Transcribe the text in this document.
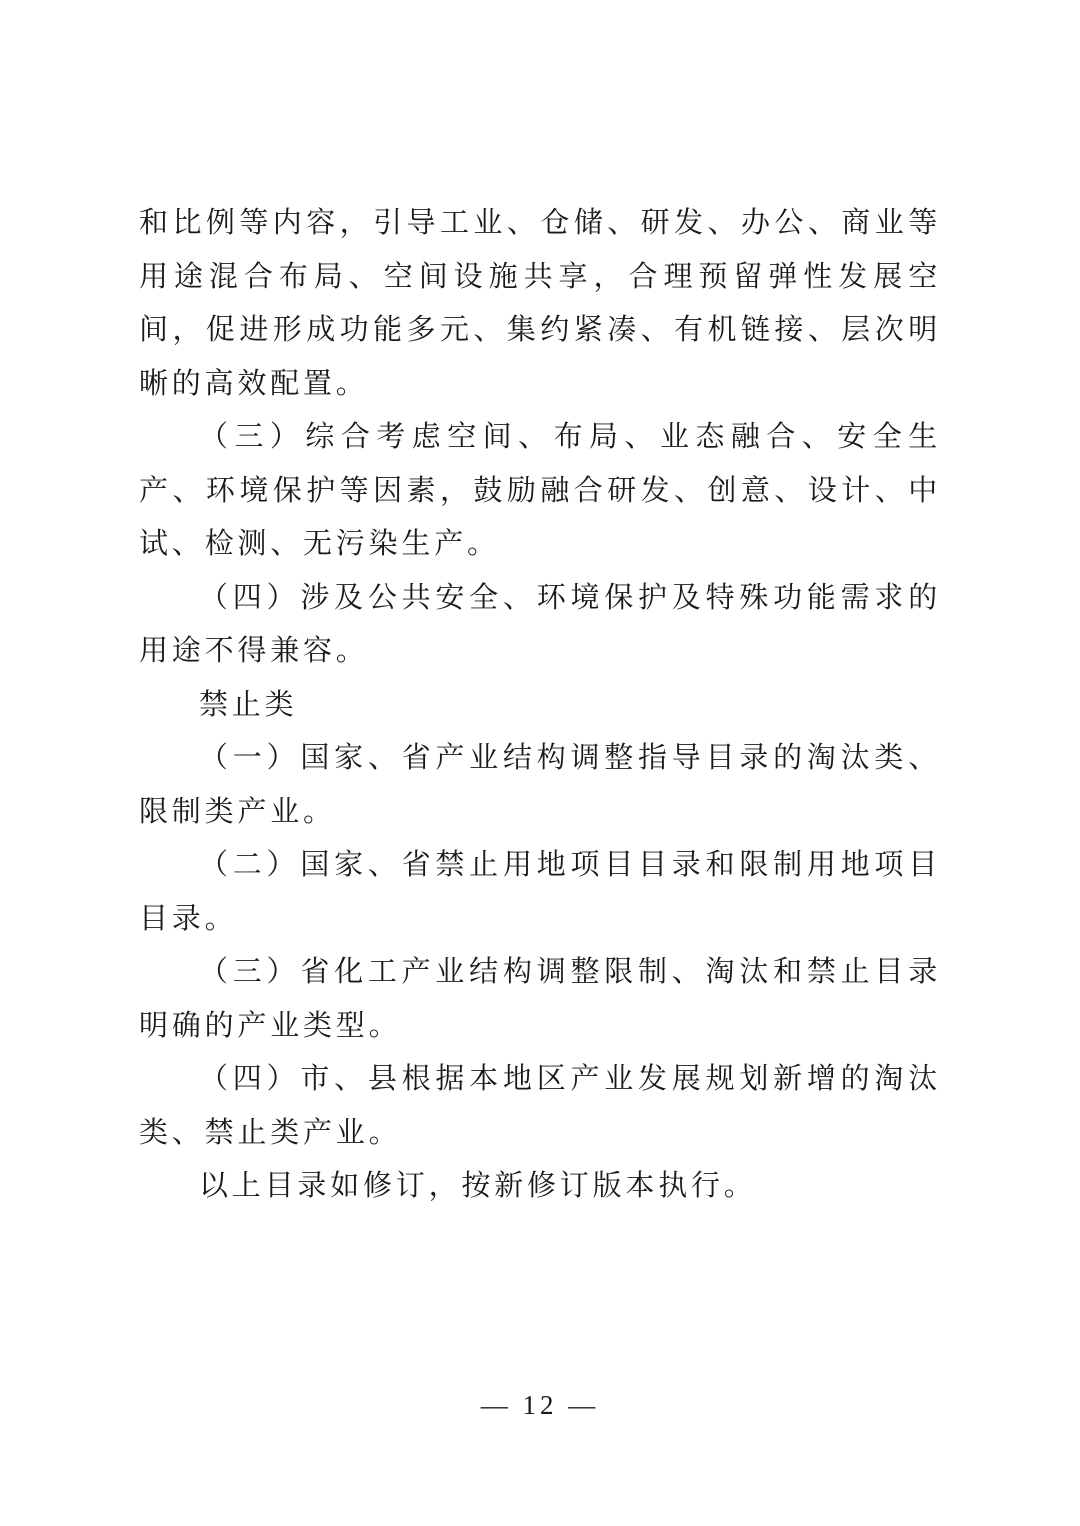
和比例等内容，引导工业、仓储、研发、办公、商业等用途混合布局、空间设施共享，合理预留弹性发展空间，促进形成功能多元、集约紧凑、有机链接、层次明晰的高效配置。

（三）综合考虑空间、布局、业态融合、安全生产、环境保护等因素，鼓励融合研发、创意、设计、中试、检测、无污染生产。

（四）涉及公共安全、环境保护及特殊功能需求的用途不得兼容。

禁止类

（一）国家、省产业结构调整指导目录的淘汰类、限制类产业。

（二）国家、省禁止用地项目目录和限制用地项目目录。

（三）省化工产业结构调整限制、淘汰和禁止目录明确的产业类型。

（四）市、县根据本地区产业发展规划新增的淘汰类、禁止类产业。

以上目录如修订，按新修订版本执行。

— 12 —
